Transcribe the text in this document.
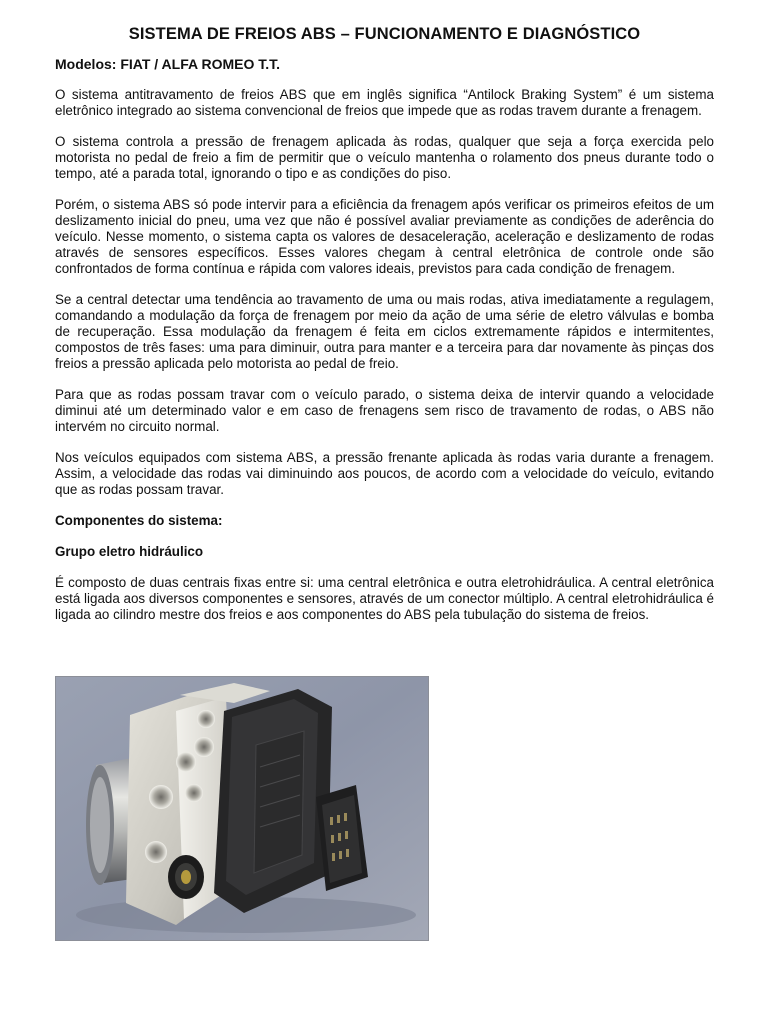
SISTEMA DE FREIOS ABS – FUNCIONAMENTO E DIAGNÓSTICO

Modelos: FIAT / ALFA ROMEO T.T.

O sistema antitravamento de freios ABS que em inglês significa “Antilock Braking System” é um sistema eletrônico integrado ao sistema convencional de freios que impede que as rodas travem durante a frenagem.

O sistema controla a pressão de frenagem aplicada às rodas, qualquer que seja a força exercida pelo motorista no pedal de freio a fim de permitir que o veículo mantenha o rolamento dos pneus durante todo o tempo, até a parada total, ignorando o tipo e as condições do piso.

Porém, o sistema ABS só pode intervir para a eficiência da frenagem após verificar os primeiros efeitos de um deslizamento inicial do pneu, uma vez que não é possível avaliar previamente as condições de aderência do veículo. Nesse momento, o sistema capta os valores de desaceleração, aceleração e deslizamento de rodas através de sensores específicos. Esses valores chegam à central eletrônica de controle onde são confrontados de forma contínua e rápida com valores ideais, previstos para cada condição de frenagem.

Se a central detectar uma tendência ao travamento de uma ou mais rodas, ativa imediatamente a regulagem, comandando a modulação da força de frenagem por meio da ação de uma série de eletro válvulas e bomba de recuperação. Essa modulação da frenagem é feita em ciclos extremamente rápidos e intermitentes, compostos de três fases: uma para diminuir, outra para manter e a terceira para dar novamente às pinças dos freios a pressão aplicada pelo motorista ao pedal de freio.

Para que as rodas possam travar com o veículo parado, o sistema deixa de intervir quando a velocidade diminui até um determinado valor e em caso de frenagens sem risco de travamento de rodas, o ABS não intervém no circuito normal.

Nos veículos equipados com sistema ABS, a pressão frenante aplicada às rodas varia durante a frenagem. Assim, a velocidade das rodas vai diminuindo aos poucos, de acordo com a velocidade do veículo, evitando que as rodas possam travar.

Componentes do sistema:

Grupo eletro hidráulico

É composto de duas centrais fixas entre si: uma central eletrônica e outra eletrohidráulica. A central eletrônica está ligada aos diversos componentes e sensores, através de um conector múltiplo. A central eletrohidráulica é ligada ao cilindro mestre dos freios e aos componentes do ABS pela tubulação do sistema de freios.
